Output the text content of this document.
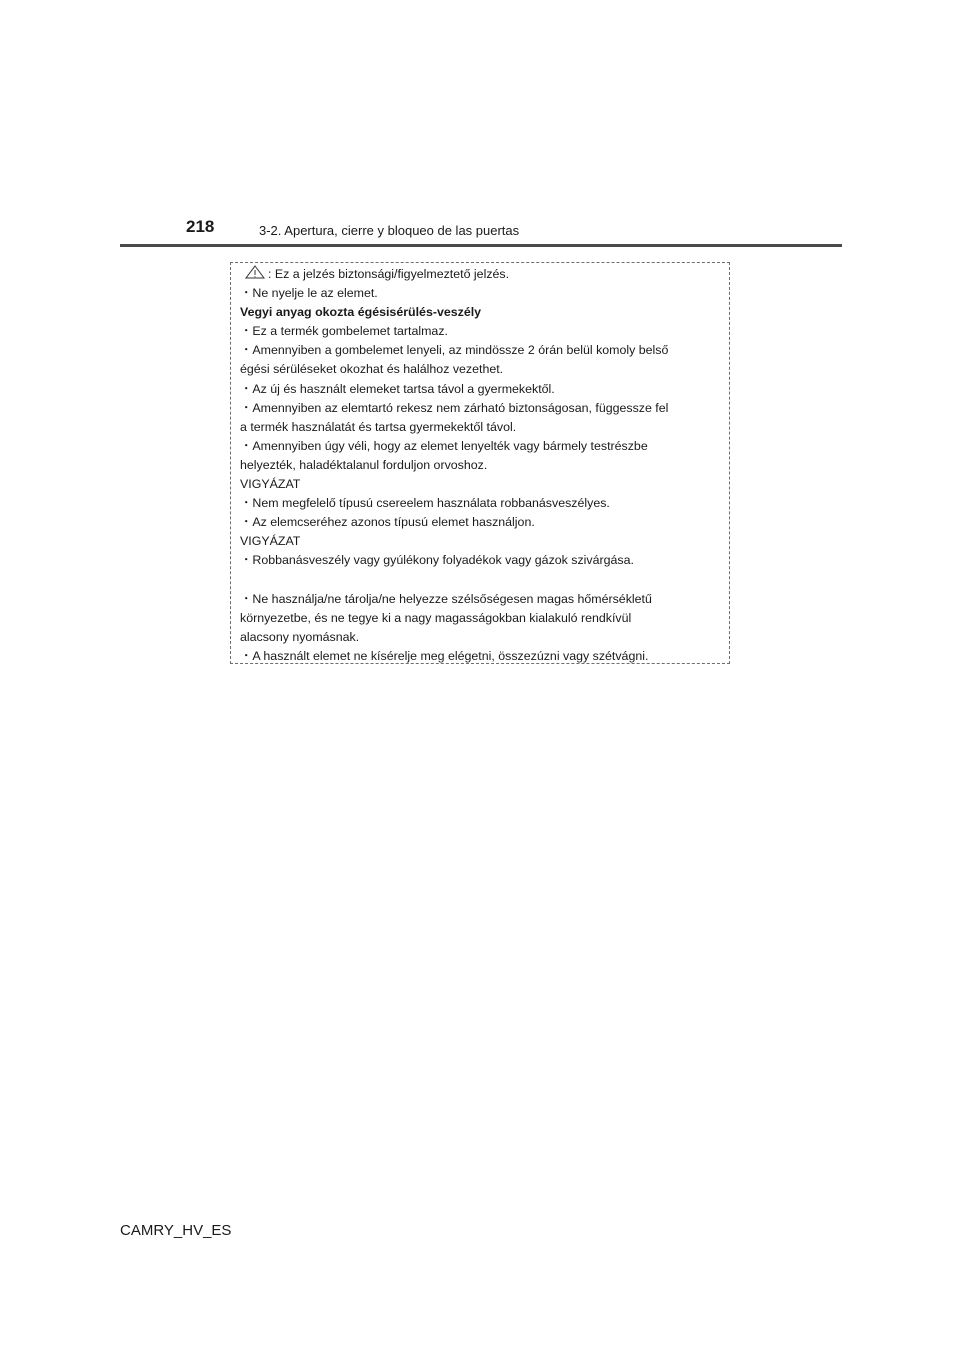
218	3-2. Apertura, cierre y bloqueo de las puertas
: Ez a jelzés biztonsági/figyelmeztető jelzés.
・Ne nyelje le az elemet.
Vegyi anyag okozta égésisérülés-veszély
・Ez a termék gombelemet tartalmaz.
・Amennyiben a gombelemet lenyeli, az mindössze 2 órán belül komoly belső
égési sérüléseket okozhat és halálhoz vezethet.
・Az új és használt elemeket tartsa távol a gyermekektől.
・Amennyiben az elemtartó rekesz nem zárható biztonságosan, függessze fel
a termék használatát és tartsa gyermekektől távol.
・Amennyiben úgy véli, hogy az elemet lenyelték vagy bármely testrészbe
helyezték, haladéktalanul forduljon orvoshoz.
VIGYÁZAT
・Nem megfelelő típusú csereelem használata robbanásveszélyes.
・Az elemcseréhez azonos típusú elemet használjon.
VIGYÁZAT
・Robbanásveszély vagy gyúlékony folyadékok vagy gázok szivárgása.
・Ne használja/ne tárolja/ne helyezze szélsőségesen magas hőmérsékletű
környezetbe, és ne tegye ki a nagy magasságokban kialakuló rendkívül
alacsony nyomásnak.
・A használt elemet ne kísérelje meg elégetni, összezúzni vagy szétvágni.
CAMRY_HV_ES
